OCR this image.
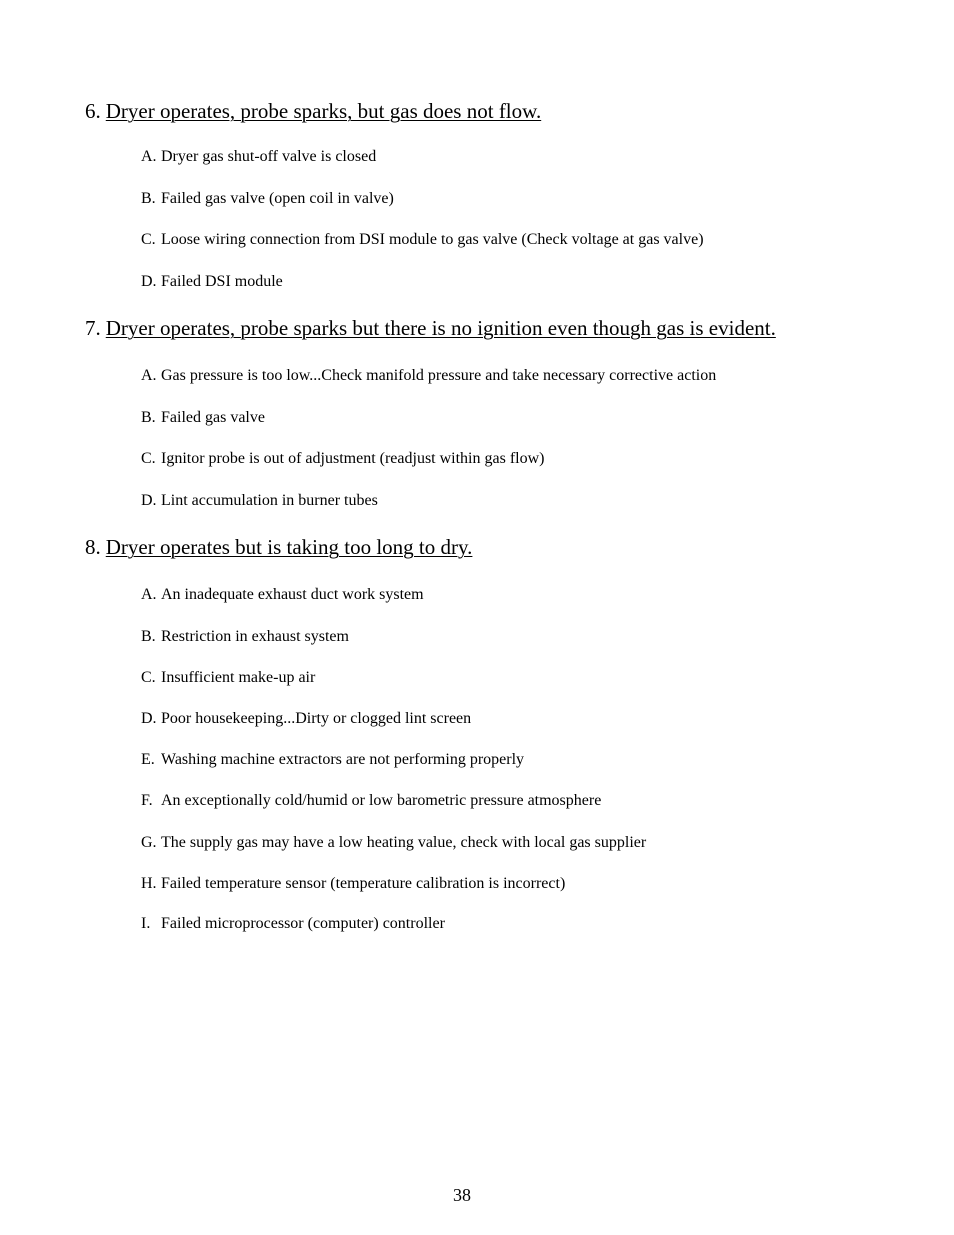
6. Dryer operates, probe sparks, but gas does not flow.
A. Dryer gas shut-off valve is closed
B. Failed gas valve (open coil in valve)
C. Loose wiring connection from DSI module to gas valve (Check voltage at gas valve)
D. Failed DSI module
7. Dryer operates, probe sparks but there is no ignition even though gas is evident.
A. Gas pressure is too low...Check manifold pressure and take necessary corrective action
B. Failed gas valve
C. Ignitor probe is out of adjustment (readjust within gas flow)
D. Lint accumulation in burner tubes
8. Dryer operates but is taking too long to dry.
A. An inadequate exhaust duct work system
B. Restriction in exhaust system
C. Insufficient make-up air
D. Poor housekeeping...Dirty or clogged lint screen
E. Washing machine extractors are not performing properly
F. An exceptionally cold/humid or low barometric pressure atmosphere
G. The supply gas may have a low heating value, check with local gas supplier
H. Failed temperature sensor (temperature calibration is incorrect)
I. Failed microprocessor (computer) controller
38
